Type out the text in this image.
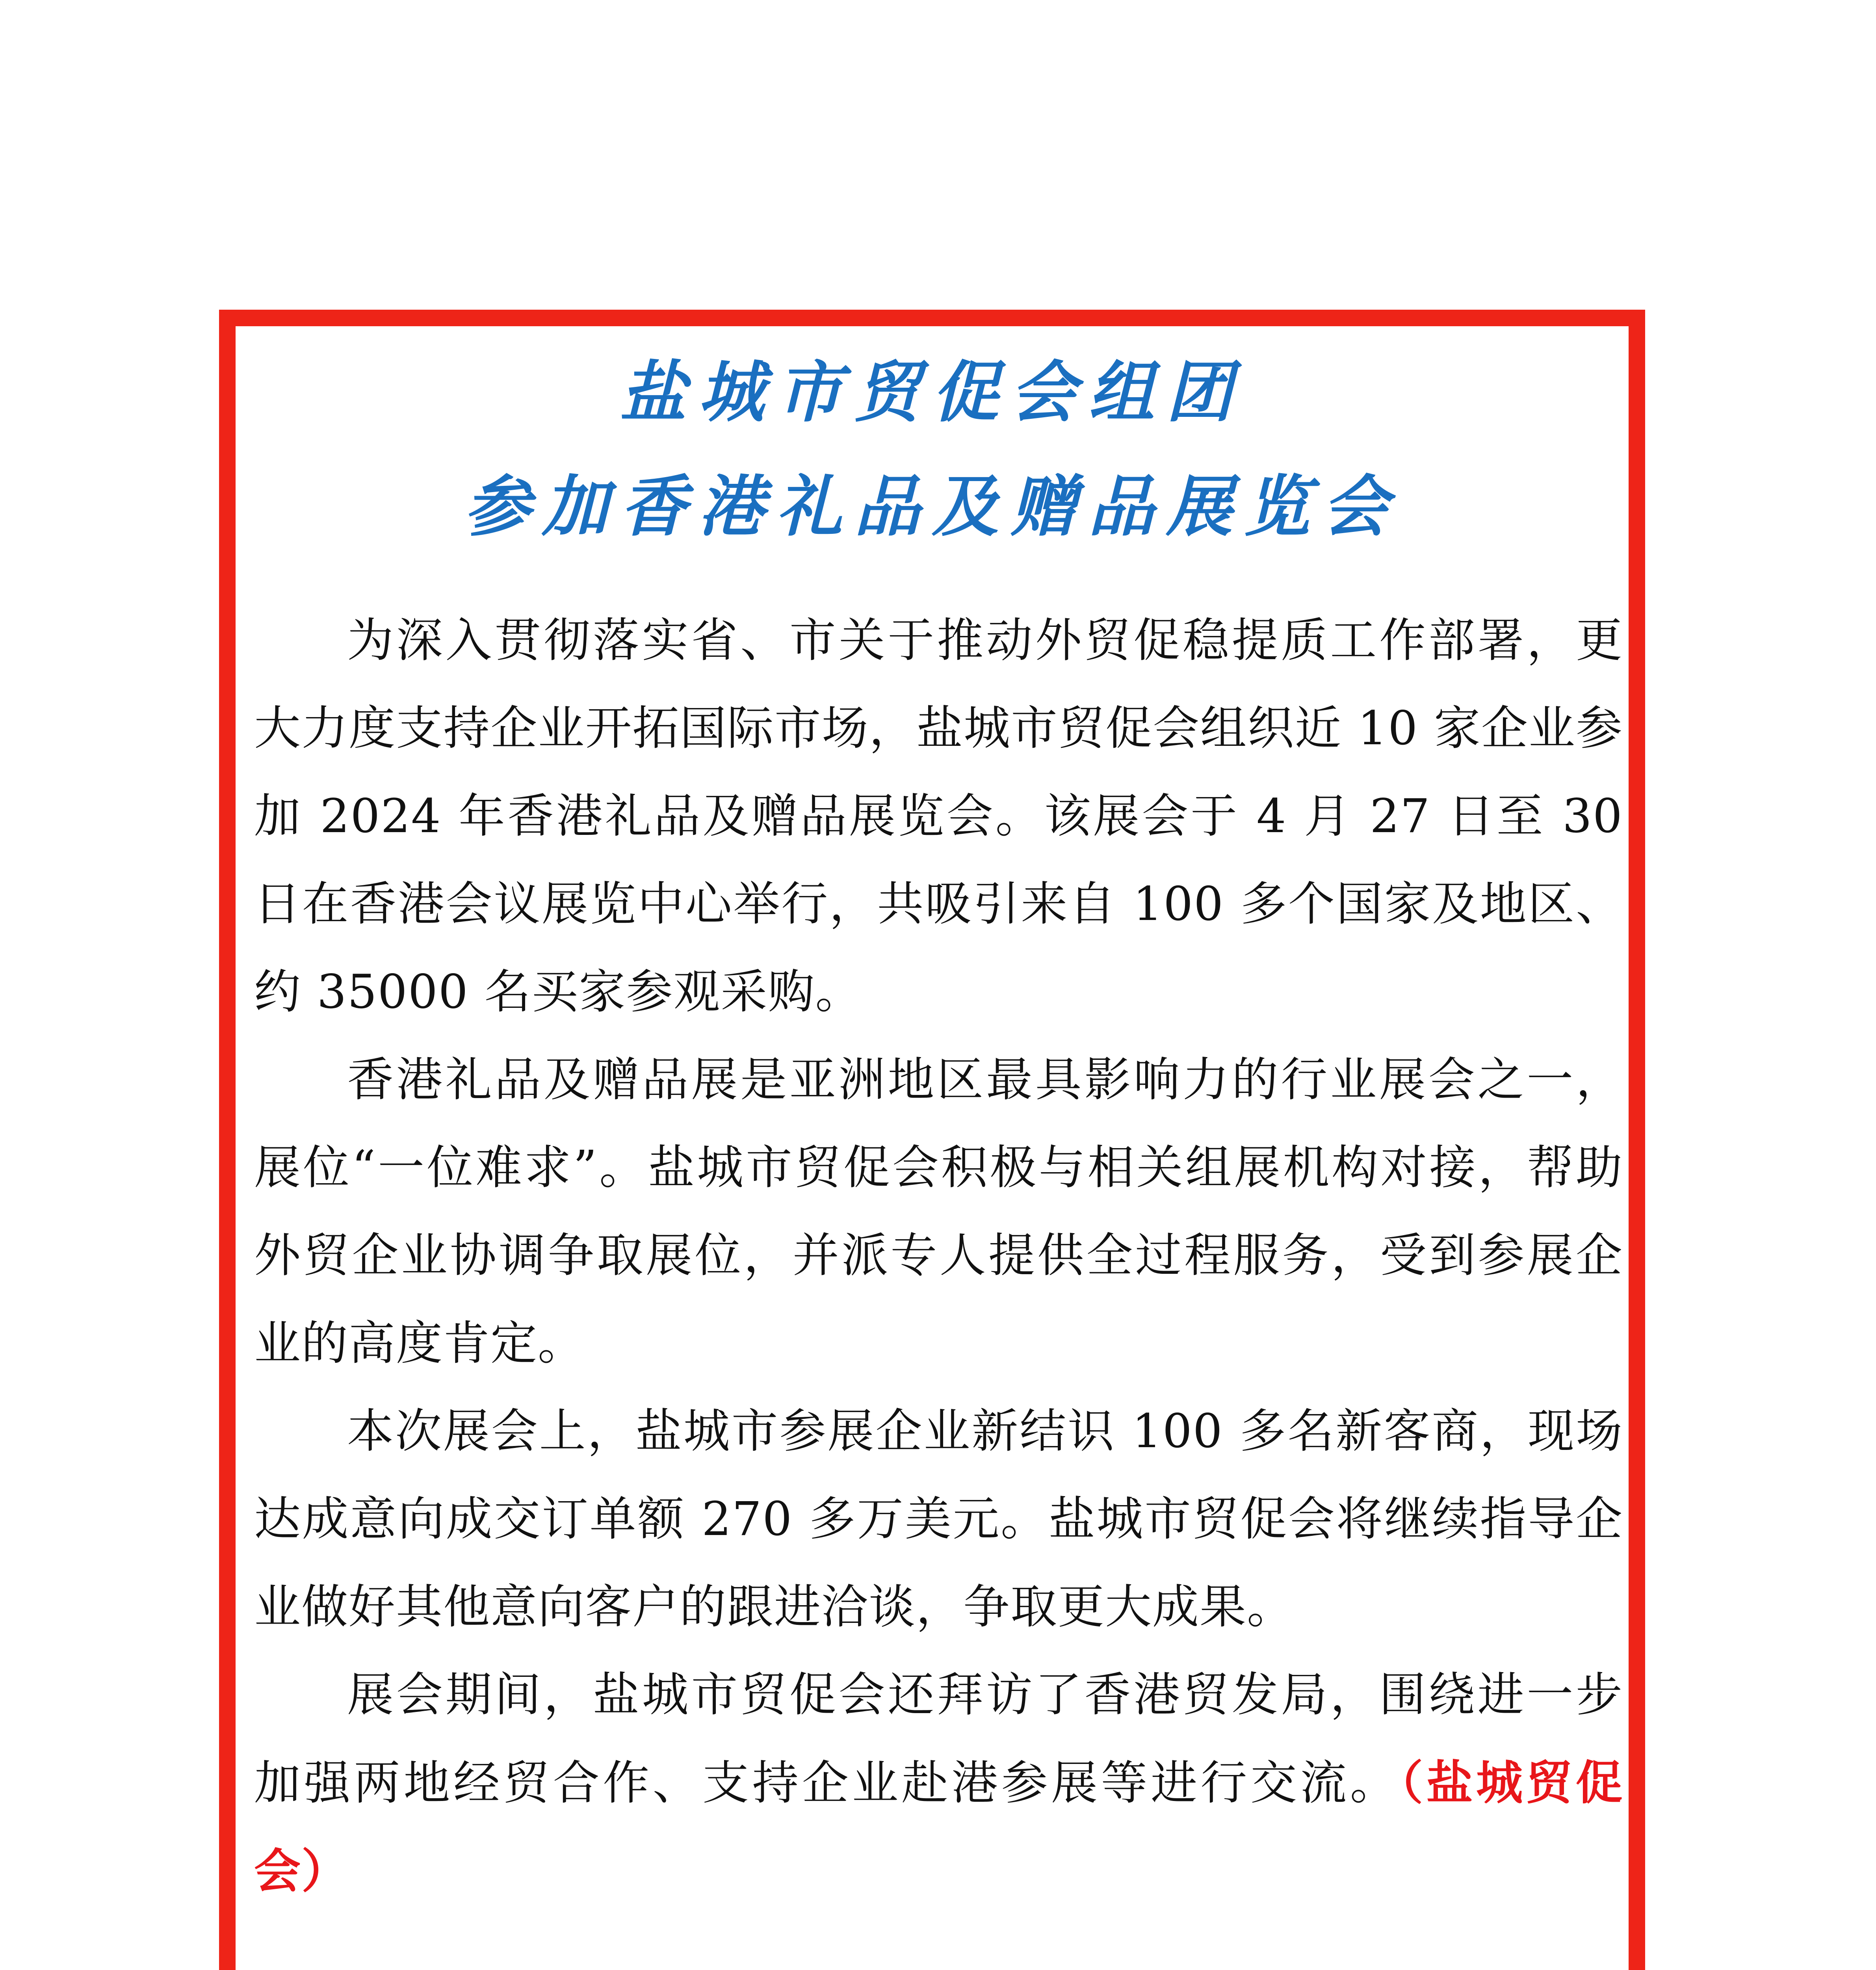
盐城市贸促会组团
参加香港礼品及赠品展览会

为深入贯彻落实省、市关于推动外贸促稳提质工作部署，更大力度支持企业开拓国际市场，盐城市贸促会组织近 10 家企业参加 2024 年香港礼品及赠品展览会。该展会于 4 月 27 日至 30 日在香港会议展览中心举行，共吸引来自 100 多个国家及地区、约 35000 名买家参观采购。

香港礼品及赠品展是亚洲地区最具影响力的行业展会之一，展位“一位难求”。盐城市贸促会积极与相关组展机构对接，帮助外贸企业协调争取展位，并派专人提供全过程服务，受到参展企业的高度肯定。

本次展会上，盐城市参展企业新结识 100 多名新客商，现场达成意向成交订单额 270 多万美元。盐城市贸促会将继续指导企业做好其他意向客户的跟进洽谈，争取更大成果。

展会期间，盐城市贸促会还拜访了香港贸发局，围绕进一步加强两地经贸合作、支持企业赴港参展等进行交流。（盐城贸促会）
